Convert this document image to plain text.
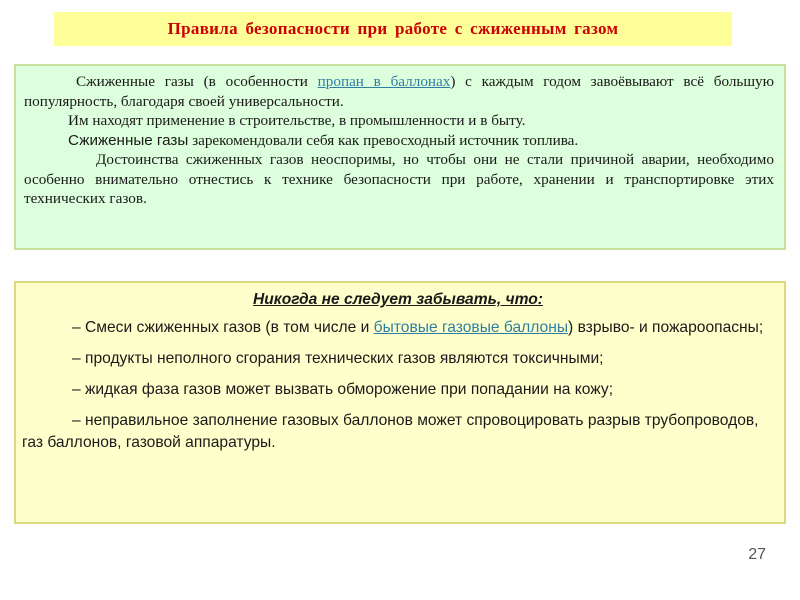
Правила безопасности при работе с сжиженным газом

Сжиженные газы (в особенности пропан в баллонах) с каждым годом завоёвывают всё большую популярность, благодаря своей универсальности.

Им находят применение в строительстве, в промышленности и в быту.

Сжиженные газы зарекомендовали себя как превосходный источник топлива.

Достоинства сжиженных газов неоспоримы, но чтобы они не стали причиной аварии, необходимо особенно внимательно отнестись к технике безопасности при работе, хранении и транспортировке этих технических газов.

Никогда не следует забывать, что:

– Смеси сжиженных газов (в том числе и бытовые газовые баллоны) взрыво- и пожароопасны;

– продукты неполного сгорания технических газов являются токсичными;

– жидкая фаза газов может вызвать обморожение при попадании на кожу;

– неправильное заполнение газовых баллонов может спровоцировать разрыв трубопроводов, газ баллонов, газовой аппаратуры.

27
